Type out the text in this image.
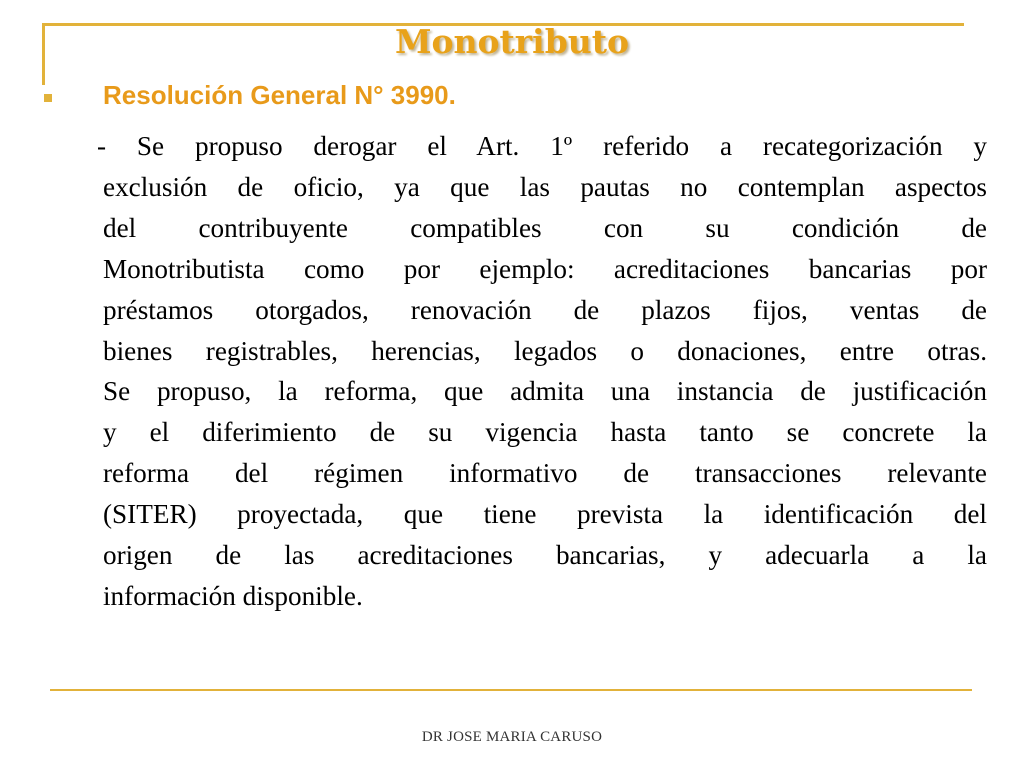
Monotributo
Resolución General N° 3990.
- Se propuso derogar el Art. 1º referido a recategorización y
exclusión de oficio, ya que las pautas no contemplan aspectos
del contribuyente compatibles con su condición de
Monotributista como por ejemplo: acreditaciones bancarias por
préstamos otorgados, renovación de plazos fijos, ventas de
bienes registrables, herencias, legados o donaciones, entre otras.
Se propuso, la reforma, que admita una instancia de justificación
y el diferimiento de su vigencia hasta tanto se concrete la
reforma del régimen informativo de transacciones relevante
(SITER) proyectada, que tiene prevista la identificación del
origen de las acreditaciones bancarias, y adecuarla a la
información disponible.
DR JOSE MARIA CARUSO
